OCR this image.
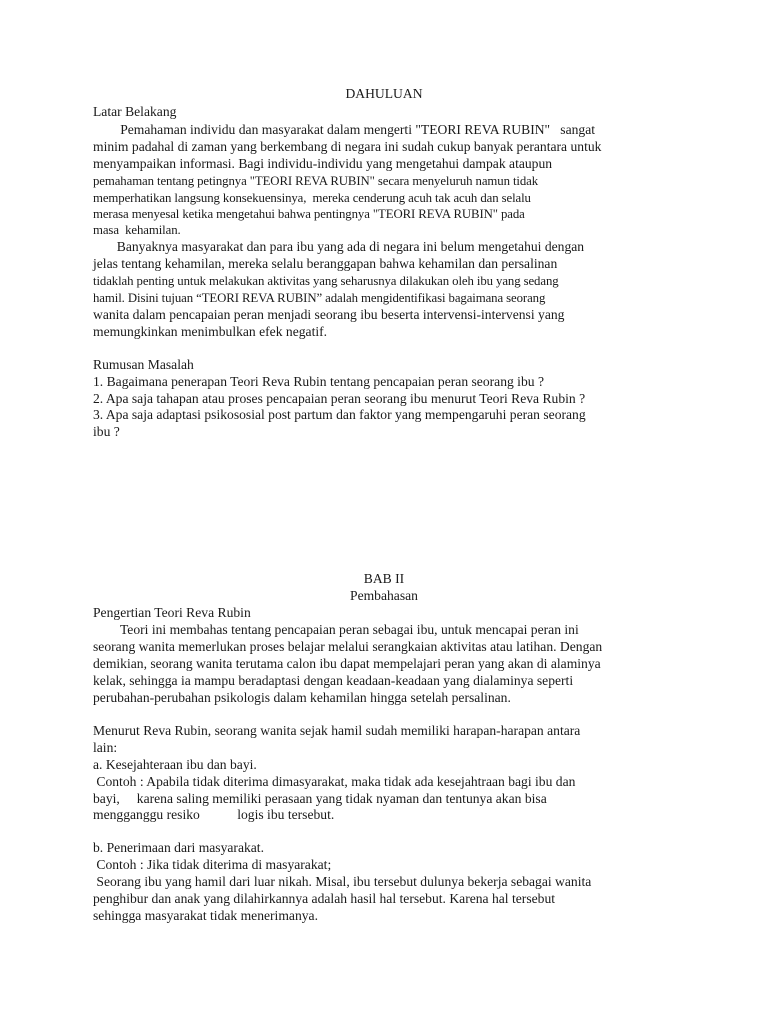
DAHULUAN
Latar Belakang
Pemahaman individu dan masyarakat dalam mengerti "TEORI REVA RUBIN"   sangat
minim padahal di zaman yang berkembang di negara ini sudah cukup banyak perantara untuk
menyampaikan informasi. Bagi individu-individu yang mengetahui dampak ataupun
pemahaman tentang petingnya "TEORI REVA RUBIN" secara menyeluruh namun tidak
memperhatikan langsung konsekuensinya,  mereka cenderung acuh tak acuh dan selalu
merasa menyesal ketika mengetahui bahwa pentingnya "TEORI REVA RUBIN" pada
masa  kehamilan.
Banyaknya masyarakat dan para ibu yang ada di negara ini belum mengetahui dengan
jelas tentang kehamilan, mereka selalu beranggapan bahwa kehamilan dan persalinan
tidaklah penting untuk melakukan aktivitas yang seharusnya dilakukan oleh ibu yang sedang
hamil. Disini tujuan “TEORI REVA RUBIN” adalah mengidentifikasi bagaimana seorang
wanita dalam pencapaian peran menjadi seorang ibu beserta intervensi-intervensi yang
memungkinkan menimbulkan efek negatif.
Rumusan Masalah
1. Bagaimana penerapan Teori Reva Rubin tentang pencapaian peran seorang ibu ?
2. Apa saja tahapan atau proses pencapaian peran seorang ibu menurut Teori Reva Rubin ?
3. Apa saja adaptasi psikososial post partum dan faktor yang mempengaruhi peran seorang
ibu ?
BAB II
Pembahasan
Pengertian Teori Reva Rubin
Teori ini membahas tentang pencapaian peran sebagai ibu, untuk mencapai peran ini
seorang wanita memerlukan proses belajar melalui serangkaian aktivitas atau latihan. Dengan
demikian, seorang wanita terutama calon ibu dapat mempelajari peran yang akan di alaminya
kelak, sehingga ia mampu beradaptasi dengan keadaan-keadaan yang dialaminya seperti
perubahan-perubahan psikologis dalam kehamilan hingga setelah persalinan.
Menurut Reva Rubin, seorang wanita sejak hamil sudah memiliki harapan-harapan antara
lain:
a. Kesejahteraan ibu dan bayi.
Contoh : Apabila tidak diterima dimasyarakat, maka tidak ada kesejahtraan bagi ibu dan
bayi,     karena saling memiliki perasaan yang tidak nyaman dan tentunya akan bisa
mengganggu resiko           logis ibu tersebut.
b. Penerimaan dari masyarakat.
Contoh : Jika tidak diterima di masyarakat;
Seorang ibu yang hamil dari luar nikah. Misal, ibu tersebut dulunya bekerja sebagai wanita
penghibur dan anak yang dilahirkannya adalah hasil hal tersebut. Karena hal tersebut
sehingga masyarakat tidak menerimanya.
